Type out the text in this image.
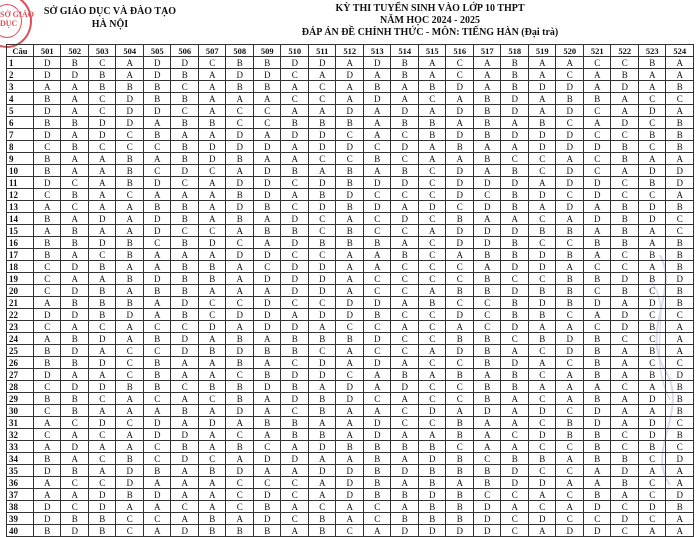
SỞ GIÁO DỤC
SỞ GIÁO DỤC VÀ ĐÀO TẠO
HÀ NỘI
KỲ THI TUYỂN SINH VÀO LỚP 10 THPT
NĂM HỌC 2024 - 2025
ĐÁP ÁN ĐỀ CHÍNH THỨC - MÔN: TIẾNG HÀN (Đại trà)
Câu	501	502	503	504	505	506	507	508	509	510	511	512	513	514	515	516	517	518	519	520	521	522	523	524
1	D	B	C	A	D	D	C	B	B	D	D	A	D	B	A	C	A	B	A	A	C	C	B	A
2	D	D	B	A	D	B	A	D	D	C	A	D	A	B	A	C	A	B	A	C	A	B	A	A
3	A	A	B	B	B	C	A	B	B	A	C	A	B	A	B	D	A	B	D	D	A	D	A	B
4	B	A	C	D	B	B	A	A	A	C	C	A	D	A	C	A	B	D	A	B	B	A	C	C
5	D	A	C	D	D	C	A	C	C	A	A	D	A	D	A	D	B	D	A	D	C	A	D	A
6	B	B	D	D	A	B	B	C	C	B	B	B	A	B	B	A	B	A	B	C	A	D	C	B
7	D	A	D	C	B	A	A	D	A	D	D	C	A	C	B	D	B	D	D	D	C	C	B	B
8	C	B	C	C	C	B	D	D	D	A	D	D	C	D	A	B	A	A	D	D	D	B	C	B
9	B	A	A	B	A	B	D	B	A	A	C	C	B	C	A	A	B	C	C	A	C	B	A	A
10	B	A	A	B	C	D	C	A	D	B	A	B	A	B	C	D	A	B	C	D	C	A	D	D
11	D	C	A	B	D	C	A	D	D	C	D	B	D	D	C	D	D	D	A	D	D	C	B	D
12	C	B	A	C	A	A	A	B	D	A	B	D	C	C	C	D	C	B	D	C	D	C	C	A
13	A	C	A	A	B	B	A	D	B	C	D	B	D	A	D	C	D	B	A	D	A	B	D	B
14	B	A	D	A	D	B	A	B	A	D	C	A	C	D	C	B	A	A	C	A	D	B	D	C
15	A	B	A	A	D	C	C	A	B	B	C	B	C	C	A	D	D	D	B	B	A	B	A	C
16	B	B	D	B	C	B	D	C	A	D	B	B	B	A	C	D	D	B	C	C	B	B	A	B
17	B	A	C	B	A	A	A	D	D	C	C	A	A	B	C	A	B	B	D	B	A	C	B	B
18	C	D	B	A	A	B	B	A	C	D	D	A	A	C	C	C	A	D	D	A	C	C	A	B
19	C	A	A	B	D	B	B	A	D	D	D	A	C	C	C	C	B	C	C	B	B	D	B	D
20	C	D	B	A	B	B	A	A	A	D	D	A	C	C	A	B	B	D	B	B	C	B	C	B
21	A	B	B	B	A	D	C	C	D	C	C	D	D	A	B	C	C	B	D	B	D	A	D	B
22	D	D	B	D	A	B	C	D	D	A	D	D	B	C	C	D	C	B	B	C	A	D	C	C
23	C	A	C	A	C	C	D	A	D	D	A	C	C	A	C	A	C	D	A	A	C	D	B	A
24	A	B	D	A	B	D	A	B	A	B	B	B	D	C	C	B	B	C	B	D	B	C	C	A
25	B	D	A	C	C	D	B	D	B	B	C	A	C	C	A	D	B	A	C	D	B	A	B	A
26	B	B	D	C	B	A	A	B	A	C	D	A	D	A	C	C	B	D	A	C	B	A	C	C
27	D	A	A	C	B	A	A	C	B	D	D	C	A	B	A	B	A	B	C	A	B	A	B	D
28	C	D	D	B	B	C	B	B	D	B	A	D	A	D	C	C	B	B	A	A	A	C	A	B
29	B	B	C	A	C	A	C	B	A	D	B	D	C	A	C	C	B	A	C	A	B	A	D	B
30	C	B	A	A	A	B	A	D	A	C	B	A	A	C	D	A	D	A	D	C	D	A	A	B
31	A	C	D	C	D	A	D	A	B	B	A	A	D	C	C	B	A	A	C	B	D	A	D	C
32	C	A	C	A	D	D	A	C	A	B	B	A	D	A	A	B	A	C	D	B	B	C	D	B
33	A	D	A	A	C	B	A	B	C	A	D	B	B	B	B	C	A	A	C	C	B	C	B	C
34	B	A	C	B	C	D	C	A	D	D	A	A	B	A	D	B	C	B	B	A	B	B	C	D
35	D	B	A	D	B	A	B	D	A	A	D	D	B	D	B	B	B	D	C	C	A	D	A	A
36	A	C	C	D	A	A	A	C	C	C	A	D	B	A	B	A	B	D	D	A	A	B	C	A
37	A	A	D	B	D	A	A	C	D	C	A	D	B	B	D	B	C	C	A	C	B	A	C	D
38	D	C	D	A	A	C	A	C	B	A	C	A	C	A	B	B	D	A	C	A	D	C	D	B
39	D	B	B	C	C	A	B	A	D	C	B	A	C	B	B	B	D	C	D	C	C	D	C	A
40	B	D	B	C	A	D	B	B	B	A	B	C	A	D	D	D	D	C	A	D	D	C	A	A
